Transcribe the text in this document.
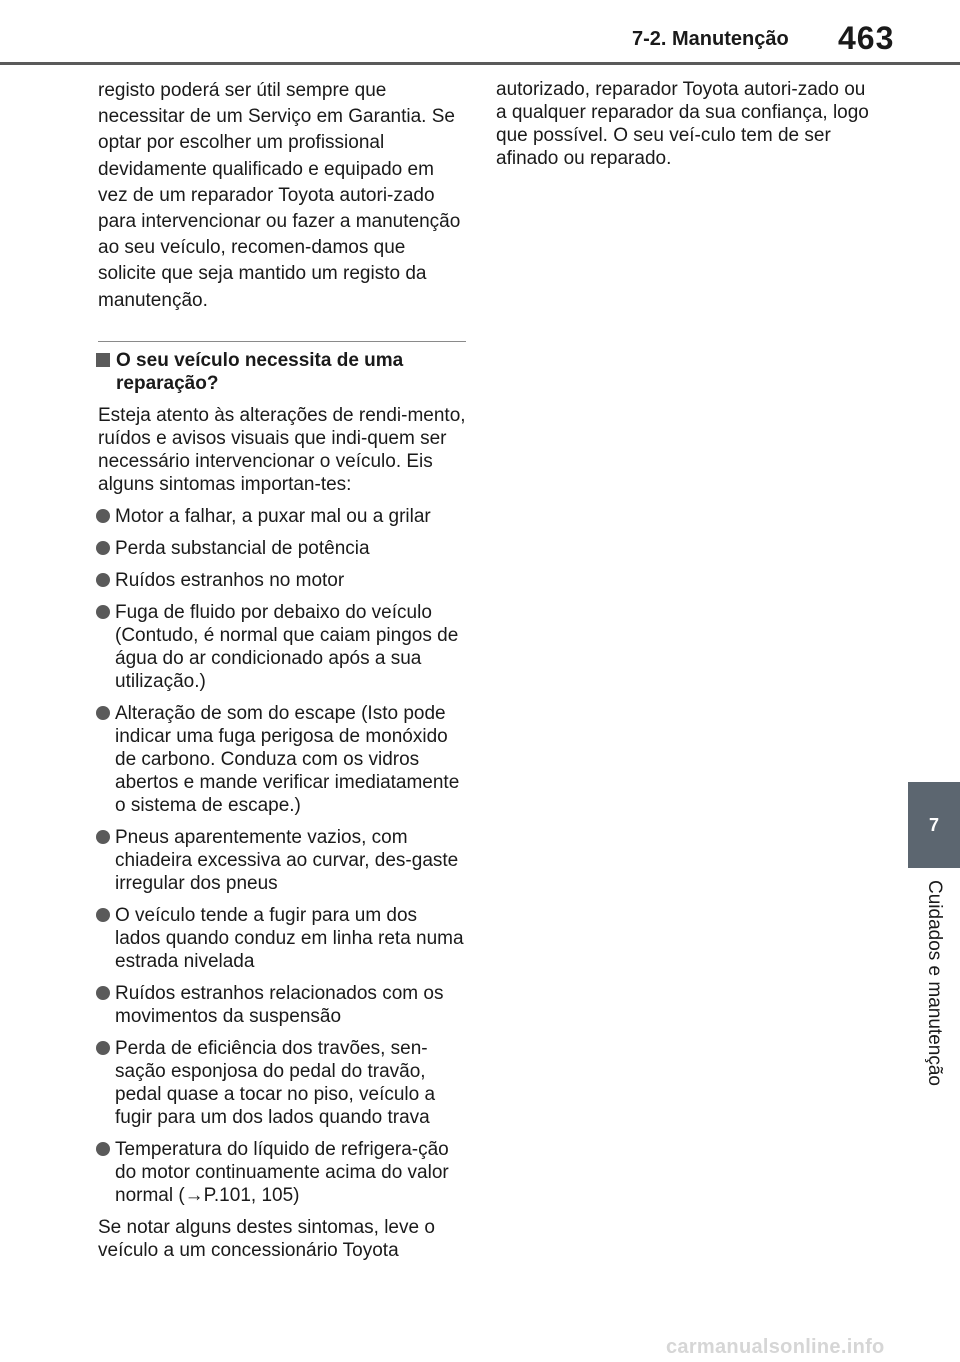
7-2. Manutenção 463
7
Cuidados e manutenção

registo poderá ser útil sempre que necessitar de um Serviço em Garantia. Se optar por escolher um profissional devidamente qualificado e equipado em vez de um reparador Toyota autori-zado para intervencionar ou fazer a manutenção ao seu veículo, recomen-damos que solicite que seja mantido um registo da manutenção.

O seu veículo necessita de uma reparação?

Esteja atento às alterações de rendi-mento, ruídos e avisos visuais que indi-quem ser necessário intervencionar o veículo. Eis alguns sintomas importan-tes:

Motor a falhar, a puxar mal ou a grilar
Perda substancial de potência
Ruídos estranhos no motor
Fuga de fluido por debaixo do veículo (Contudo, é normal que caiam pingos de água do ar condicionado após a sua utilização.)
Alteração de som do escape (Isto pode indicar uma fuga perigosa de monóxido de carbono. Conduza com os vidros abertos e mande verificar imediatamente o sistema de escape.)
Pneus aparentemente vazios, com chiadeira excessiva ao curvar, des-gaste irregular dos pneus
O veículo tende a fugir para um dos lados quando conduz em linha reta numa estrada nivelada
Ruídos estranhos relacionados com os movimentos da suspensão
Perda de eficiência dos travões, sen-sação esponjosa do pedal do travão, pedal quase a tocar no piso, veículo a fugir para um dos lados quando trava
Temperatura do líquido de refrigera-ção do motor continuamente acima do valor normal (→P.101, 105)

Se notar alguns destes sintomas, leve o veículo a um concessionário Toyota

autorizado, reparador Toyota autori-zado ou a qualquer reparador da sua confiança, logo que possível. O seu veí-culo tem de ser afinado ou reparado.

carmanualsonline.info
